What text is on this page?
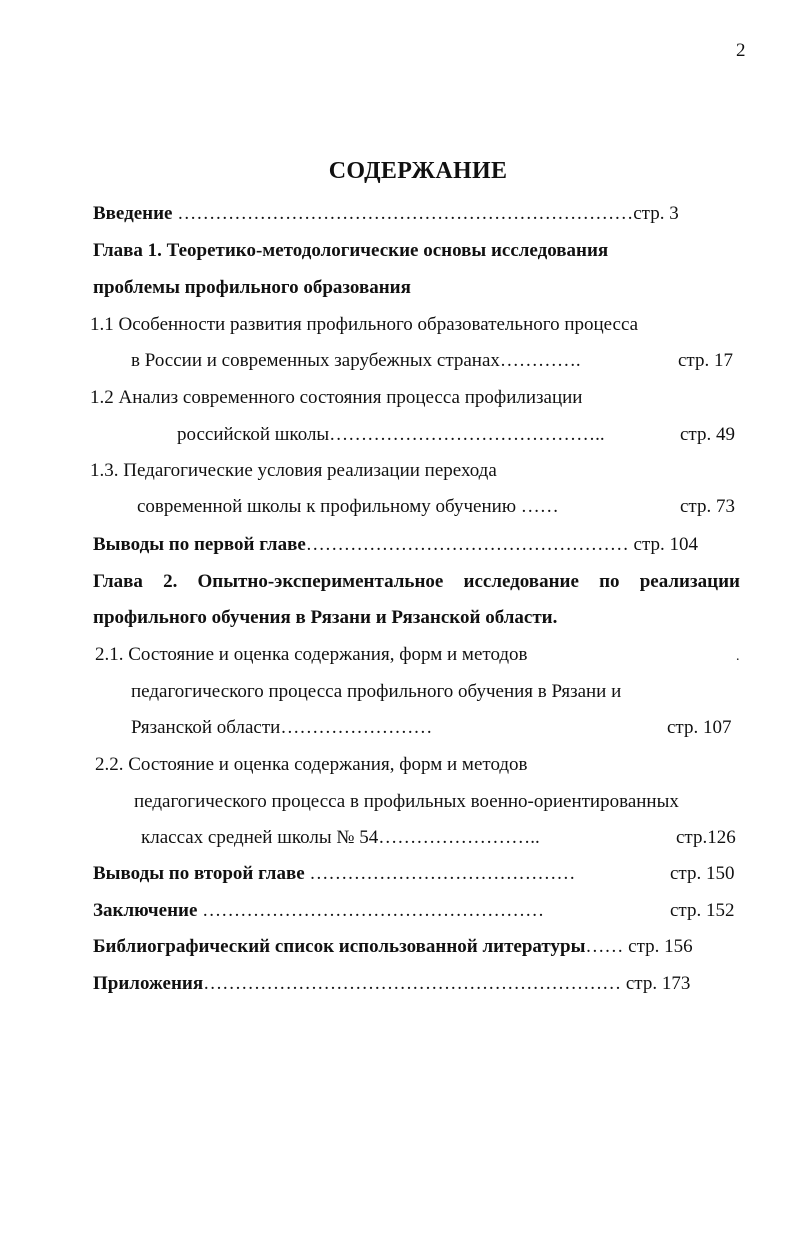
2
СОДЕРЖАНИЕ
Введение ………………………………………………………………стр. 3
Глава 1. Теоретико-методологические основы исследования
проблемы профильного образования
1.1 Особенности развития профильного образовательного процесса
в России и современных зарубежных странах………….	стр. 17
1.2 Анализ современного состояния процесса профилизации
российской школы……………………………………..	стр. 49
1.3. Педагогические условия реализации перехода
современной школы к профильному обучению ……	стр. 73
Выводы по первой главе…………………………………………… стр. 104
Глава 2. Опытно-экспериментальное исследование по реализации
профильного обучения в Рязани и Рязанской области.
2.1. Состояние и оценка содержания, форм и методов	.
педагогического процесса профильного обучения в Рязани и
Рязанской области……………………	стр. 107
2.2. Состояние и оценка содержания, форм и методов
педагогического процесса в профильных военно-ориентированных
классах средней школы № 54……………………..	стр.126
Выводы по второй главе ……………………………………	стр. 150
Заключение ………………………………………………	стр. 152
Библиографический список использованной литературы…… стр. 156
Приложения………………………………………………………… стр. 173
